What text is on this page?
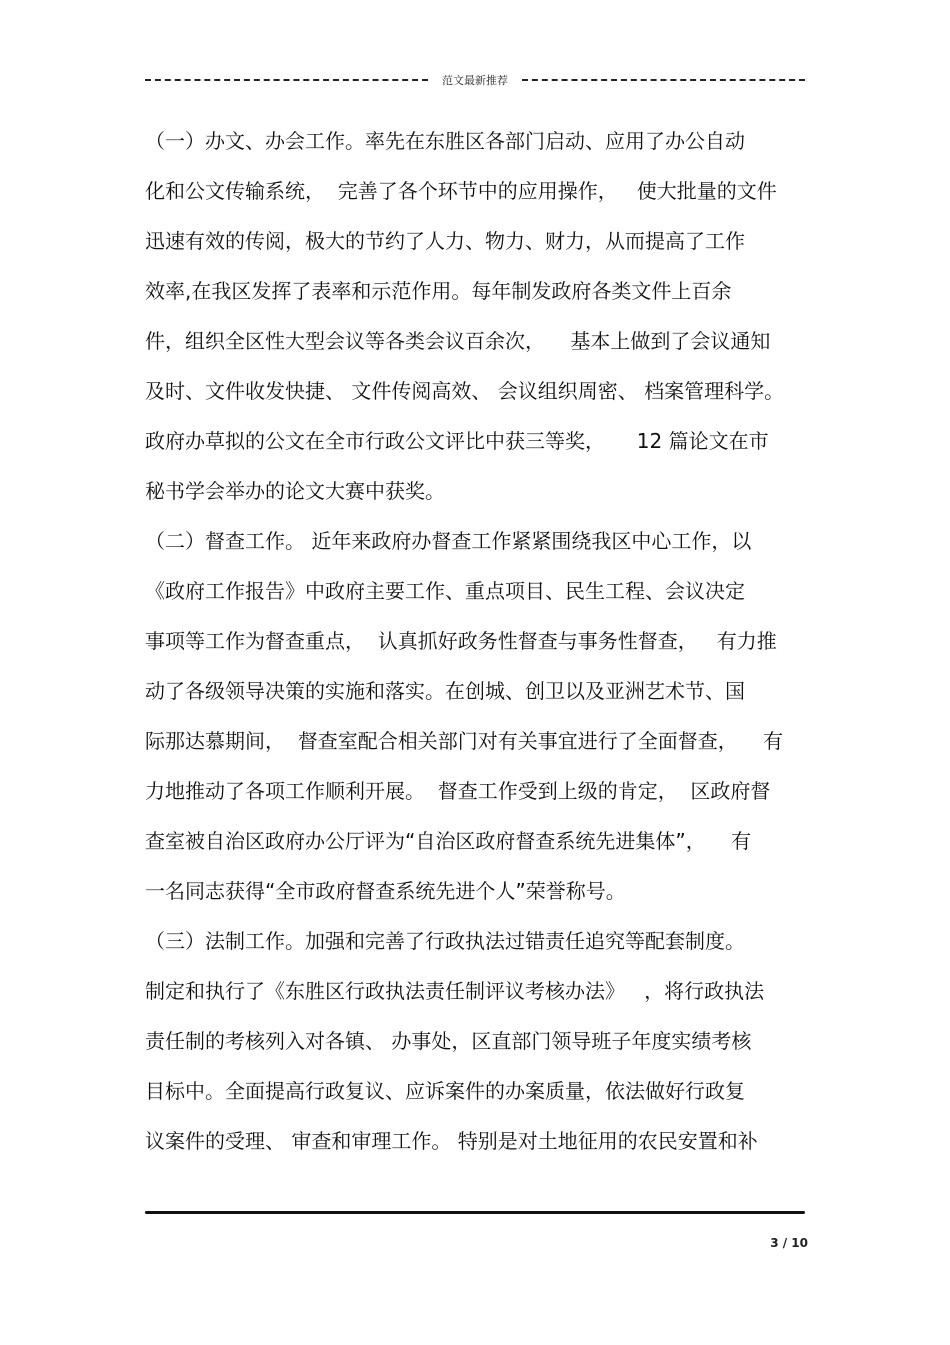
范文最新推荐
（一）办文、办会工作。率先在东胜区各部门启动、应用了办公自动
化和公文传输系统，  完善了各个环节中的应用操作，   使大批量的文件
迅速有效的传阅，极大的节约了人力、物力、财力，从而提高了工作
效率,在我区发挥了表率和示范作用。每年制发政府各类文件上百余
件，组织全区性大型会议等各类会议百余次，    基本上做到了会议通知
及时、文件收发快捷、 文件传阅高效、 会议组织周密、 档案管理科学。
政府办草拟的公文在全市行政公文评比中获三等奖，     12 篇论文在市
秘书学会举办的论文大赛中获奖。
（二）督查工作。 近年来政府办督查工作紧紧围绕我区中心工作，以
《政府工作报告》中政府主要工作、重点项目、民生工程、会议决定
事项等工作为督查重点，  认真抓好政务性督查与事务性督查，   有力推
动了各级领导决策的实施和落实。在创城、创卫以及亚洲艺术节、国
际那达慕期间，  督查室配合相关部门对有关事宜进行了全面督查，    有
力地推动了各项工作顺利开展。  督查工作受到上级的肯定，  区政府督
查室被自治区政府办公厅评为“自治区政府督查系统先进集体”，    有
一名同志获得“全市政府督查系统先进个人”荣誉称号。
（三）法制工作。加强和完善了行政执法过错责任追究等配套制度。
制定和执行了《东胜区行政执法责任制评议考核办法》   ，将行政执法
责任制的考核列入对各镇、 办事处，区直部门领导班子年度实绩考核
目标中。全面提高行政复议、应诉案件的办案质量，依法做好行政复
议案件的受理、 审查和审理工作。 特别是对土地征用的农民安置和补
3 / 10
